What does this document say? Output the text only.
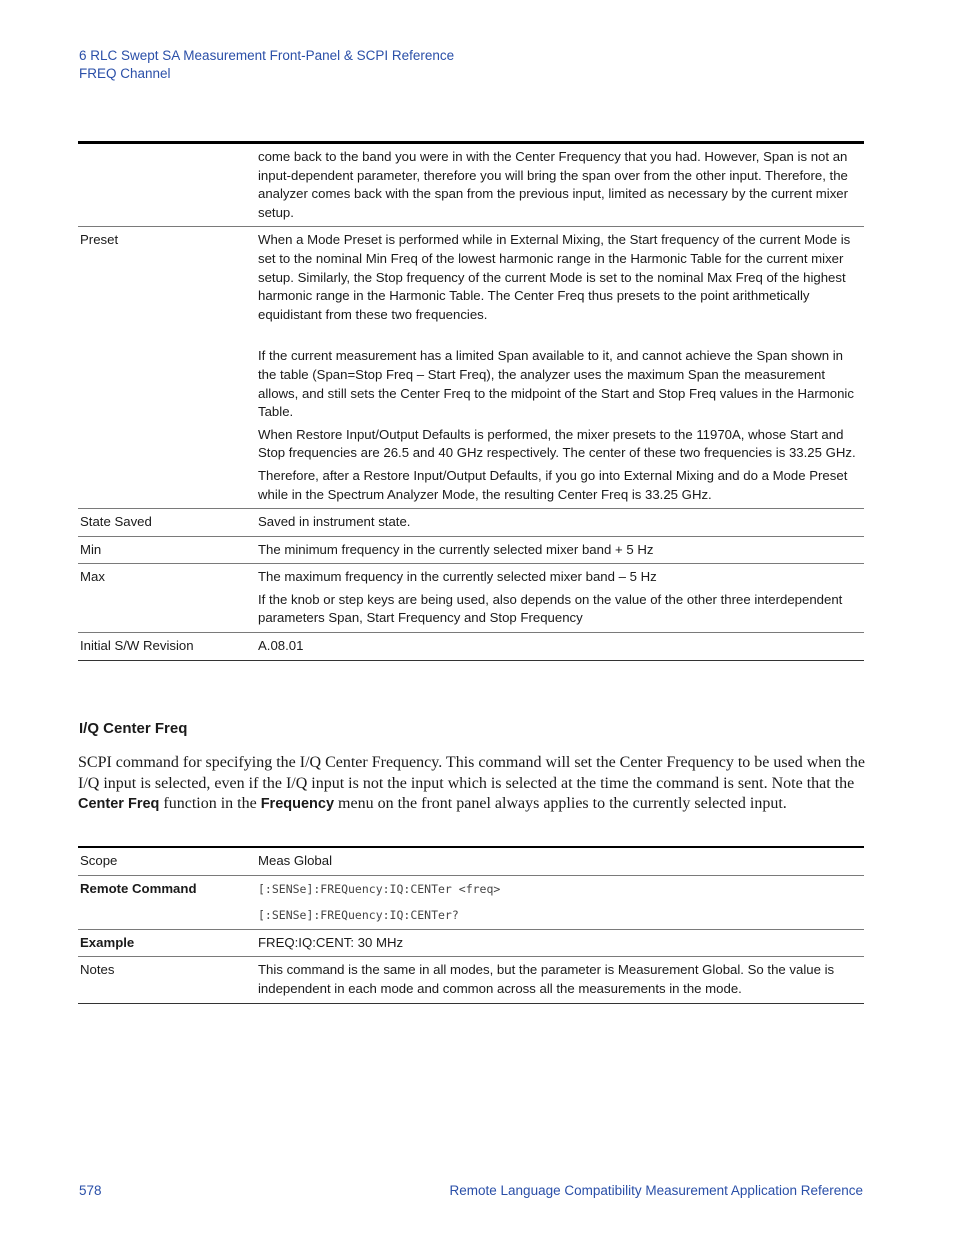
6 RLC Swept SA Measurement Front-Panel & SCPI Reference
FREQ Channel
	come back to the band you were in with the Center Frequency that you had. However, Span is not an input-dependent parameter, therefore you will bring the span over from the other input. Therefore, the analyzer comes back with the span from the previous input, limited as necessary by the current mixer setup.
Preset	When a Mode Preset is performed while in External Mixing, the Start frequency of the current Mode is set to the nominal Min Freq of the lowest harmonic range in the Harmonic Table for the current mixer setup. Similarly, the Stop frequency of the current Mode is set to the nominal Max Freq of the highest harmonic range in the Harmonic Table. The Center Freq thus presets to the point arithmetically equidistant from these two frequencies.

If the current measurement has a limited Span available to it, and cannot achieve the Span shown in the table (Span=Stop Freq – Start Freq), the analyzer uses the maximum Span the measurement allows, and still sets the Center Freq to the midpoint of the Start and Stop Freq values in the Harmonic Table.

When Restore Input/Output Defaults is performed, the mixer presets to the 11970A, whose Start and Stop frequencies are 26.5 and 40 GHz respectively. The center of these two frequencies is 33.25 GHz.

Therefore, after a Restore Input/Output Defaults, if you go into External Mixing and do a Mode Preset while in the Spectrum Analyzer Mode, the resulting Center Freq is 33.25 GHz.

State Saved	Saved in instrument state.
Min	The minimum frequency in the currently selected mixer band + 5 Hz
Max	The maximum frequency in the currently selected mixer band – 5 Hz

If the knob or step keys are being used, also depends on the value of the other three interdependent parameters Span, Start Frequency and Stop Frequency

Initial S/W Revision	A.08.01
I/Q Center Freq
SCPI command for specifying the I/Q Center Frequency. This command will set the Center Frequency to be used when the I/Q input is selected, even if the I/Q input is not the input which is selected at the time the command is sent. Note that the Center Freq function in the Frequency menu on the front panel always applies to the currently selected input.
Scope	Meas Global
Remote Command	[:SENSe]:FREQuency:IQ:CENTer <freq>

[:SENSe]:FREQuency:IQ:CENTer?

Example	FREQ:IQ:CENT: 30 MHz
Notes	This command is the same in all modes, but the parameter is Measurement Global. So the value is independent in each mode and common across all the measurements in the mode.
578	Remote Language Compatibility Measurement Application Reference
